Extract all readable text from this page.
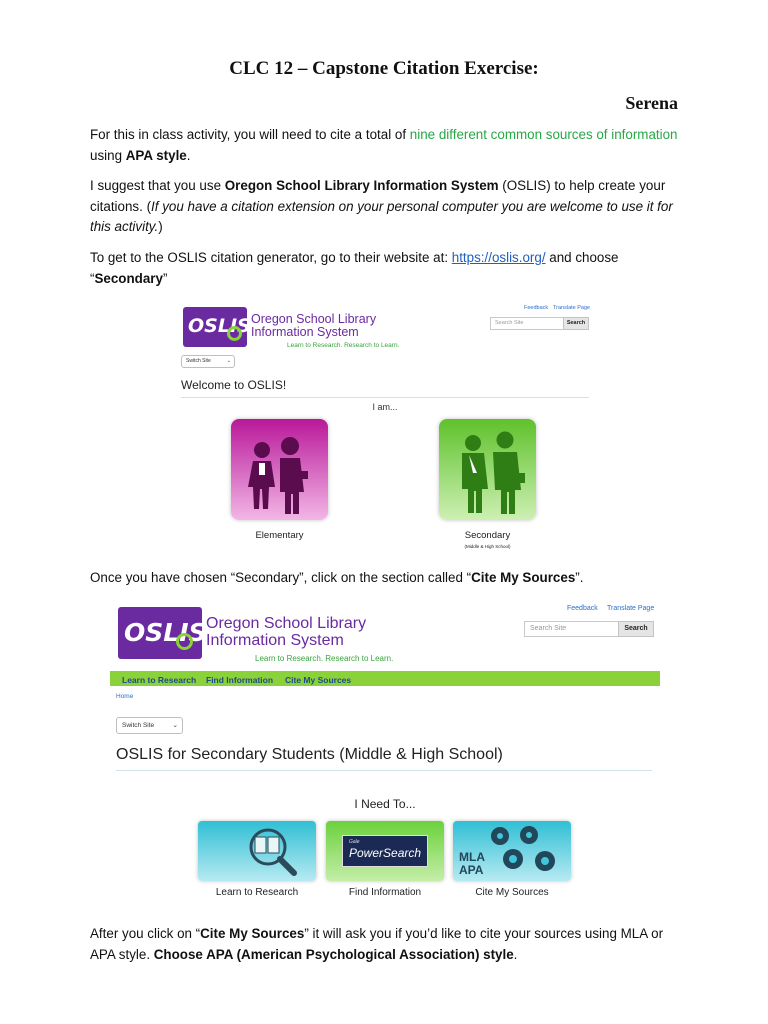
CLC 12 – Capstone Citation Exercise:
Serena
For this in class activity, you will need to cite a total of nine different common sources of information using APA style.
I suggest that you use Oregon School Library Information System (OSLIS) to help create your citations. (If you have a citation extension on your personal computer you are welcome to use it for this activity.)
To get to the OSLIS citation generator, go to their website at: https://oslis.org/ and choose “Secondary”
OSLIS Oregon School Library
Information System
Learn to Research. Research to Learn.
Feedback Translate Page
Search Site	Search
Switch Site	⌄
Welcome to OSLIS!
I am...
Elementary	Secondary
(Middle & High School)
Once you have chosen “Secondary”, click on the section called “Cite My Sources”.
OSLIS Oregon School Library
Information System
Learn to Research. Research to Learn.
Feedback Translate Page
Search Site	Search
Learn to Research Find Information Cite My Sources
Home
Switch Site	⌄
OSLIS for Secondary Students (Middle & High School)
I Need To...
Learn to Research
Gale
PowerSearch
Find Information
MLA
APA
Cite My Sources
After you click on “Cite My Sources” it will ask you if you’d like to cite your sources using MLA or APA style. Choose APA (American Psychological Association) style.
